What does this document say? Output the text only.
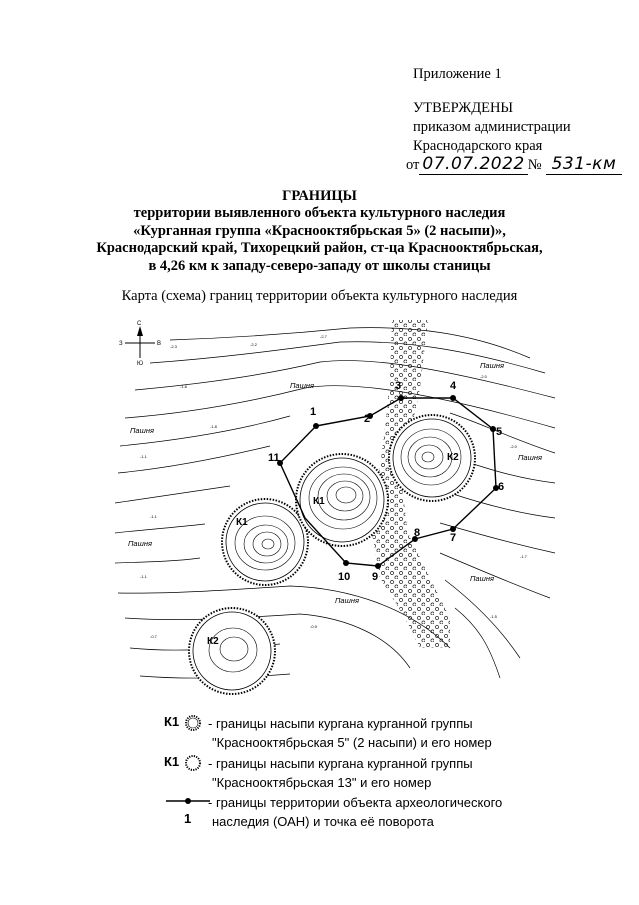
Приложение 1
УТВЕРЖДЕНЫ
приказом администрации
Краснодарского края
от 07.07.2022 № 531-км
ГРАНИЦЫ
территории выявленного объекта культурного наследия
«Курганная группа «Краснооктябрьская 5» (2 насыпи)»,
Краснодарский край, Тихорецкий район, ст-ца Краснооктябрьская,
в 4,26 км к западу-северо-западу от школы станицы
Карта (схема) границ территории объекта культурного наследия
-2.3	-2.2
-2.7
-1.8
-1.8
-1.1
-1.1
-1.1
-0.7
-0.9
-2.0
-2.0
-1.7
-1.5
С
Ю
З	В
Пашня
Пашня
Пашня
Пашня
Пашня
Пашня
Пашня
К1
К1
К2
К2
1
2
3	4
5
6
7
8
9
10
11
К1 - границы насыпи кургана курганной группы
"Краснооктябрьская 5" (2 насыпи) и его номер
К1 - границы насыпи кургана курганной группы
"Краснооктябрьская 13" и его номер
- границы территории объекта археологического
1 наследия (ОАН) и точка её поворота
